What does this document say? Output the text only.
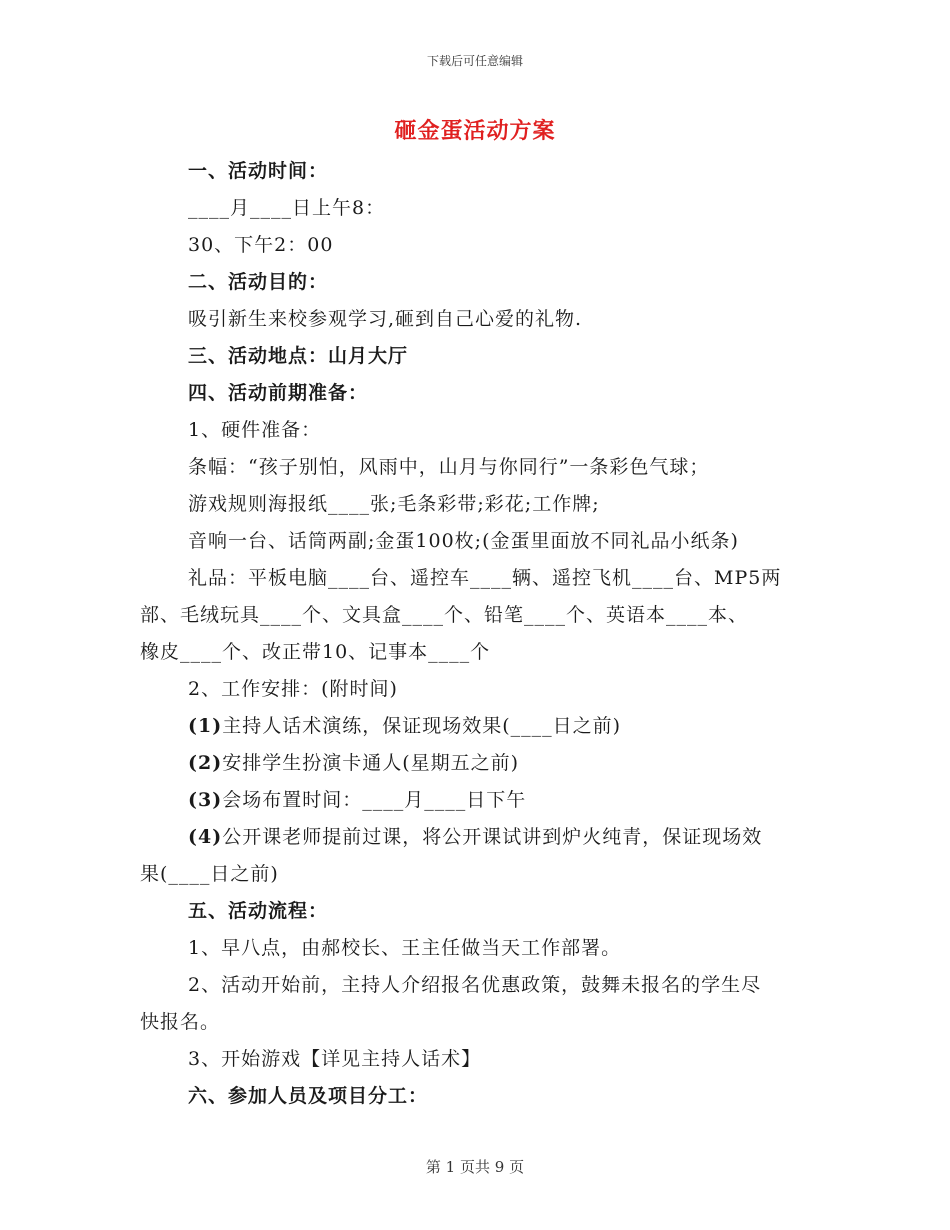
下载后可任意编辑
砸金蛋活动方案
一、活动时间：
____月____日上午8：
30、下午2：00
二、活动目的：
吸引新生来校参观学习,砸到自己心爱的礼物.
三、活动地点：山月大厅
四、活动前期准备：
1、硬件准备：
条幅：“孩子别怕，风雨中，山月与你同行”一条彩色气球；
游戏规则海报纸____张;毛条彩带;彩花;工作牌;
音响一台、话筒两副;金蛋100枚;(金蛋里面放不同礼品小纸条)
礼品：平板电脑____台、遥控车____辆、遥控飞机____台、MP5两
部、毛绒玩具____个、文具盒____个、铅笔____个、英语本____本、
橡皮____个、改正带10、记事本____个
2、工作安排：(附时间)
(1)主持人话术演练，保证现场效果(____日之前)
(2)安排学生扮演卡通人(星期五之前)
(3)会场布置时间：____月____日下午
(4)公开课老师提前过课，将公开课试讲到炉火纯青，保证现场效
果(____日之前)
五、活动流程：
1、早八点，由郝校长、王主任做当天工作部署。
2、活动开始前，主持人介绍报名优惠政策，鼓舞未报名的学生尽
快报名。
3、开始游戏【详见主持人话术】
六、参加人员及项目分工：
第 1 页共 9 页
